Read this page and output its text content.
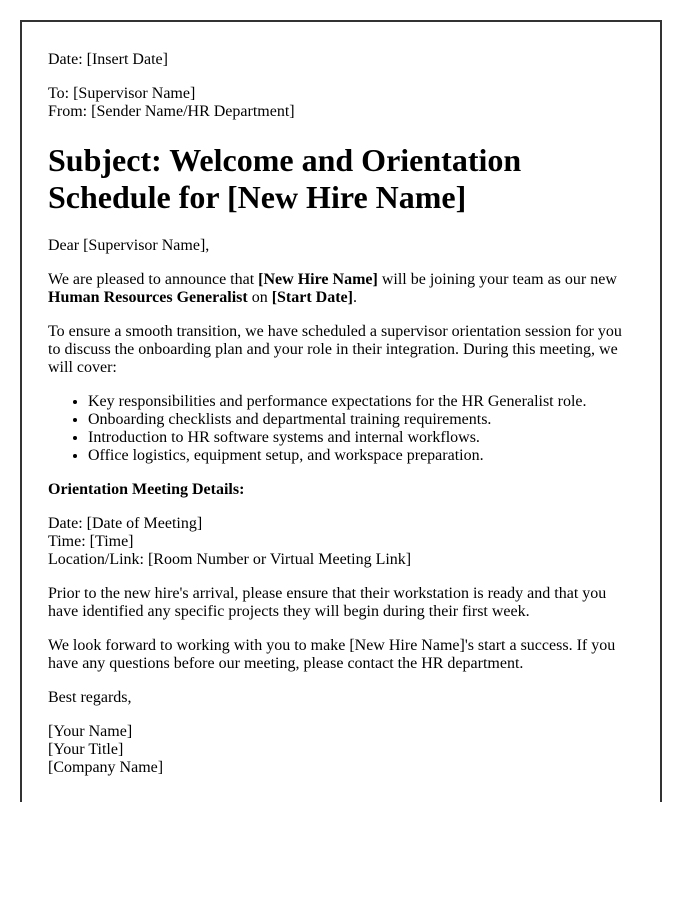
Date: [Insert Date]

To: [Supervisor Name]
From: [Sender Name/HR Department]

Subject: Welcome and Orientation Schedule for [New Hire Name]

Dear [Supervisor Name],

We are pleased to announce that [New Hire Name] will be joining your team as our new Human Resources Generalist on [Start Date].

To ensure a smooth transition, we have scheduled a supervisor orientation session for you to discuss the onboarding plan and your role in their integration. During this meeting, we will cover:

• Key responsibilities and performance expectations for the HR Generalist role.
• Onboarding checklists and departmental training requirements.
• Introduction to HR software systems and internal workflows.
• Office logistics, equipment setup, and workspace preparation.

Orientation Meeting Details:

Date: [Date of Meeting]
Time: [Time]
Location/Link: [Room Number or Virtual Meeting Link]

Prior to the new hire's arrival, please ensure that their workstation is ready and that you have identified any specific projects they will begin during their first week.

We look forward to working with you to make [New Hire Name]'s start a success. If you have any questions before our meeting, please contact the HR department.

Best regards,

[Your Name]
[Your Title]
[Company Name]
